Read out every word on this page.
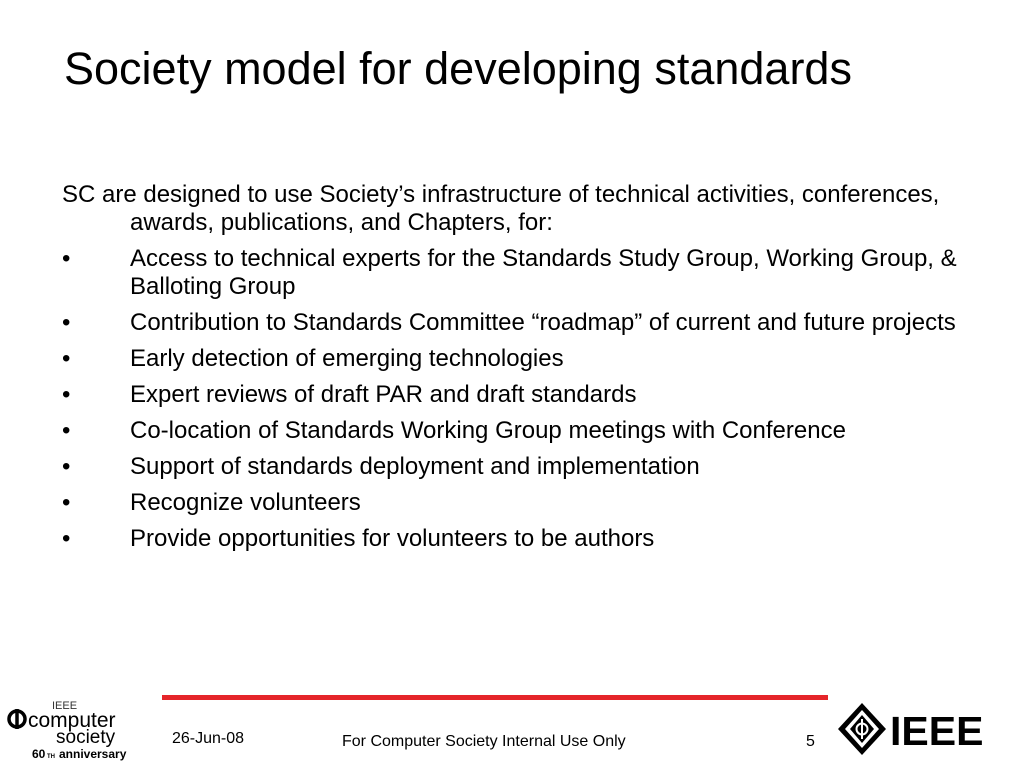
Society model for developing standards
SC are designed to use Society’s infrastructure of technical activities, conferences, awards, publications, and Chapters, for:
• Access to technical experts for the Standards Study Group, Working Group, & Balloting Group
• Contribution to Standards Committee “roadmap” of current and future projects
• Early detection of emerging technologies
• Expert reviews of draft PAR and draft standards
• Co-location of Standards Working Group meetings with Conference
• Support of standards deployment and implementation
• Recognize volunteers
• Provide opportunities for volunteers to be authors
IEEE
computer
society
60 TH anniversary
26-Jun-08	For Computer Society Internal Use Only	5 IEEE
